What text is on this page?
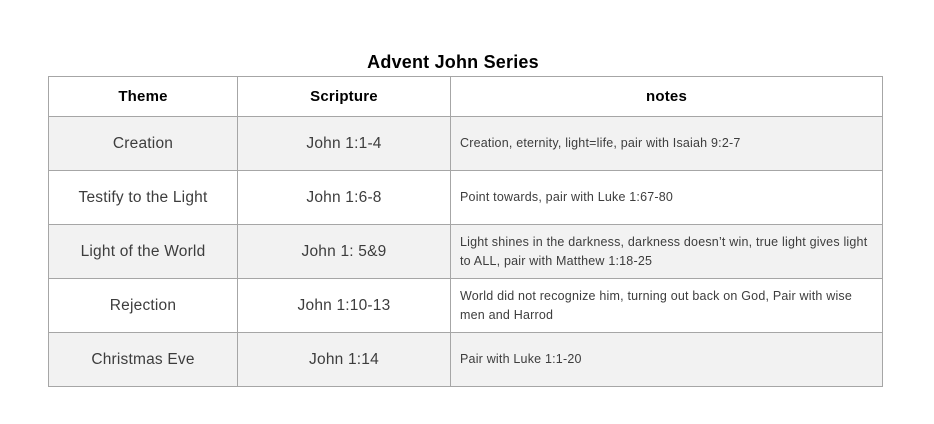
Advent John Series
Theme	Scripture	notes
Creation	John 1:1-4	Creation, eternity, light=life, pair with Isaiah 9:2-7
Testify to the Light	John 1:6-8	Point towards, pair with Luke 1:67-80
Light of the World	John 1: 5&9	Light shines in the darkness, darkness doesn’t win, true light gives light to ALL, pair with Matthew 1:18-25
Rejection	John 1:10-13	World did not recognize him, turning out back on God, Pair with wise men and Harrod
Christmas Eve	John 1:14	Pair with Luke 1:1-20
